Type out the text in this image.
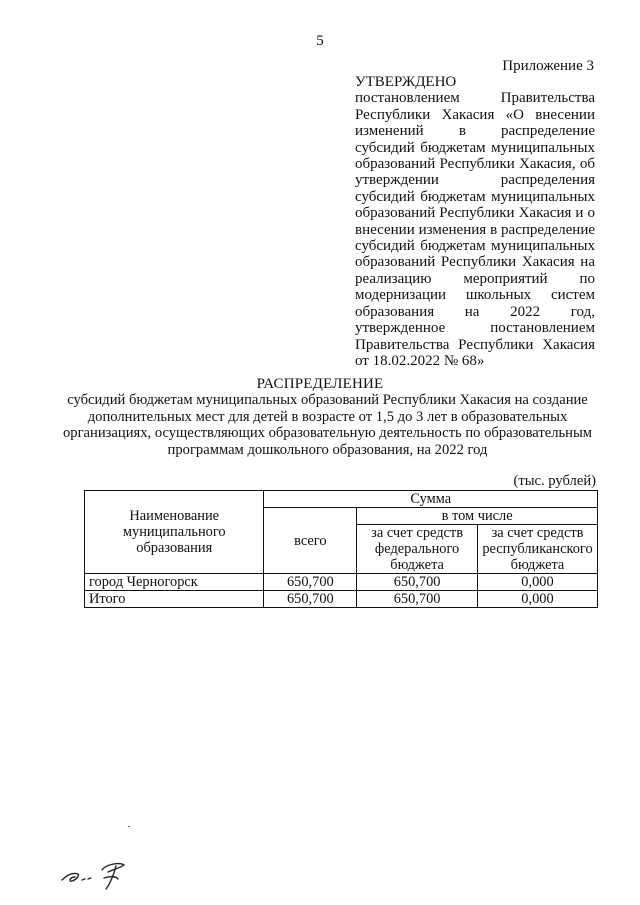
5
Приложение 3

УТВЕРЖДЕНО

постановлением Правительства Республики Хакасия «О внесении изменений в распределение субсидий бюджетам муниципальных образований Республики Хакасия, об утверждении распределения субсидий бюджетам муниципальных образований Республики Хакасия и о внесении изменения в распределение субсидий бюджетам муниципальных образований Республики Хакасия на реализацию мероприятий по модернизации школьных систем образования на 2022 год, утвержденное постановлением Правительства Республики Хакасия от 18.02.2022 № 68»

РАСПРЕДЕЛЕНИЕ
субсидий бюджетам муниципальных образований Республики Хакасия на создание дополнительных мест для детей в возрасте от 1,5 до 3 лет в образовательных организациях, осуществляющих образовательную деятельность по образовательным программам дошкольного образования, на 2022 год
(тыс. рублей)
Наименование муниципального образования	Сумма		
	всего	в том числе	
		за счет средств федерального бюджета	за счет средств республиканского бюджета
город Черногорск	650,700	650,700	0,000
Итого	650,700	650,700	0,000
